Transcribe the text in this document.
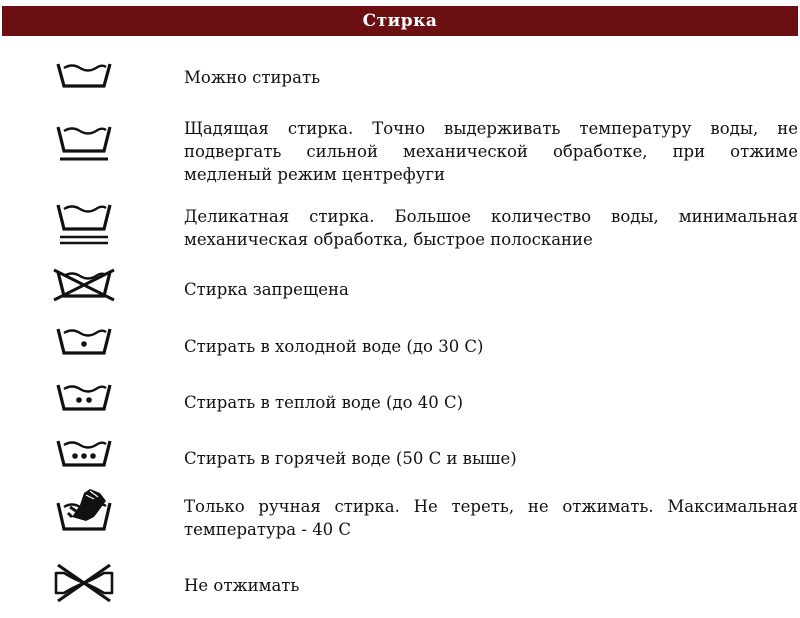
Стирка
Можно стирать
Щадящая стирка. Точно выдерживать температуру воды, не
подвергать сильной механической обработке, при отжиме
медленый режим центрефуги
Деликатная стирка. Большое количество воды, минимальная
механическая обработка, быстрое полоскание
Стирка запрещена
Стирать в холодной воде (до 30 С)
Стирать в теплой воде (до 40 С)
Стирать в горячей воде (50 С и выше)
Только ручная стирка. Не тереть, не отжимать. Максимальная
температура - 40 С
Не отжимать
